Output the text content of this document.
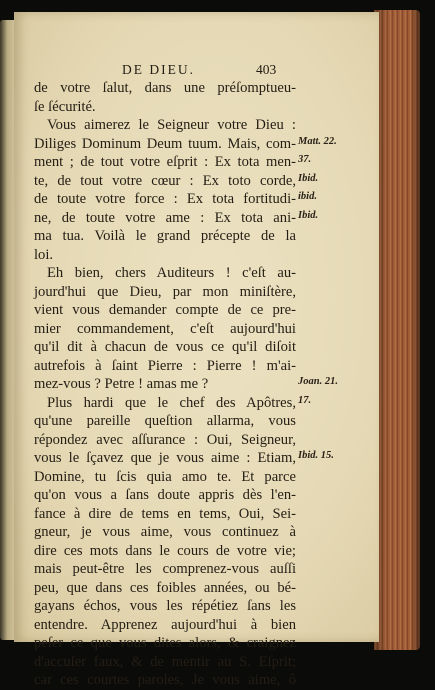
DE DIEU.	403
de votre ſalut, dans une préſomptueu-
ſe ſécurité.
Vous aimerez le Seigneur votre Dieu :
Diliges Dominum Deum tuum. Mais, com-
ment ; de tout votre eſprit : Ex tota men-
te, de tout votre cœur : Ex toto corde,
de toute votre force : Ex tota fortitudi-
ne, de toute votre ame : Ex tota ani-
ma tua. Voilà le grand précepte de la
loi.
Eh bien, chers Auditeurs ! c'eſt au-
jourd'hui que Dieu, par mon miniſtère,
vient vous demander compte de ce pre-
mier commandement, c'eſt aujourd'hui
qu'il dit à chacun de vous ce qu'il diſoit
autrefois à ſaint Pierre : Pierre ! m'ai-
mez-vous ? Petre ! amas me ?
Plus hardi que le chef des Apôtres,
qu'une pareille queſtion allarma, vous
répondez avec aſſurance : Oui, Seigneur,
vous le ſçavez que je vous aime : Etiam,
Domine, tu ſcis quia amo te. Et parce
qu'on vous a ſans doute appris dès l'en-
fance à dire de tems en tems, Oui, Sei-
gneur, je vous aime, vous continuez à
dire ces mots dans le cours de votre vie;
mais peut-être les comprenez-vous auſſi
peu, que dans ces foibles années, ou bé-
gayans échos, vous les répétiez ſans les
entendre. Apprenez aujourd'hui à bien
peſer ce que vous dites alors, & craignez
d'accuſer faux, & de mentir au S. Eſprit;
car ces courtes paroles, Je vous aime, ô
Matt. 22.
37.
Ibid.
ibid.
Ibid.
Joan. 21.
17.
Ibid. 15.
